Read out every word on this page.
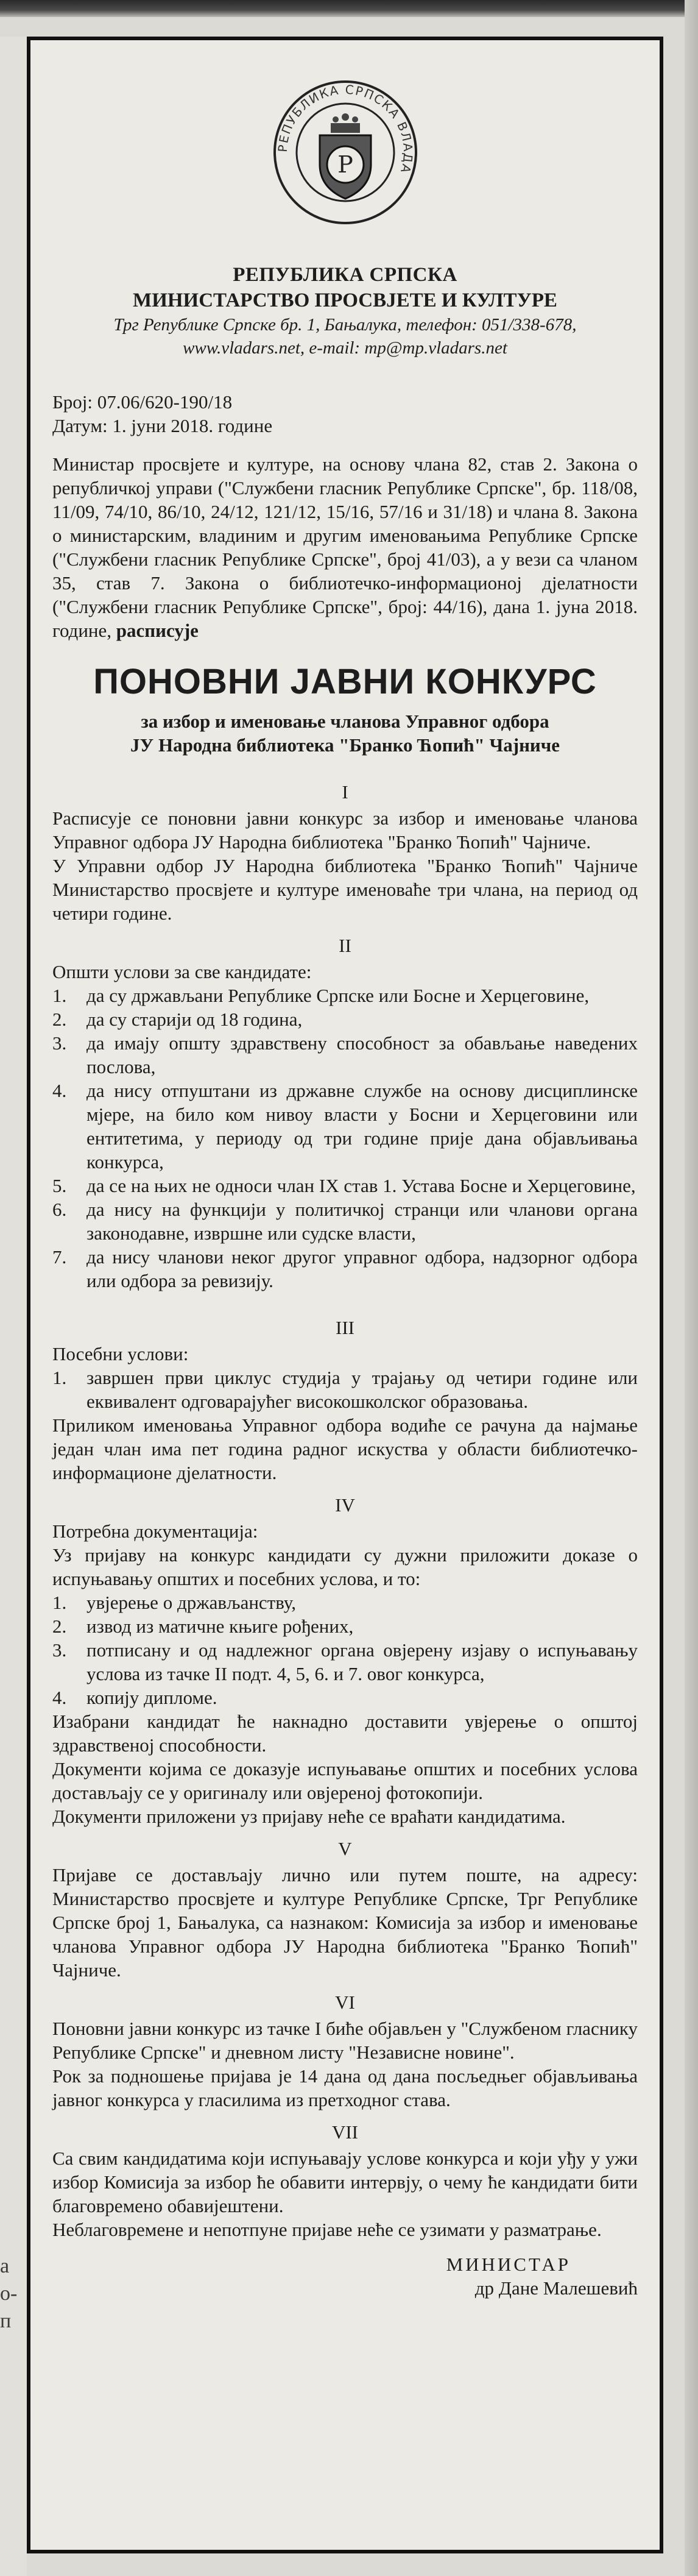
а
о-
п
РЕПУБЛИКА СРПСКА ВЛАДА
Р
РЕПУБЛИКА СРПСКА
МИНИСТАРСТВО ПРОСВЈЕТЕ И КУЛТУРЕ
Трг Републике Српске бр. 1, Бањалука, телефон: 051/338-678,
www.vladars.net, e-mail: mp@mp.vladars.net

Број: 07.06/620-190/18

Датум: 1. јуни 2018. године

Министар просвјете и културе, на основу члана 82, став 2. Закона о републичкој управи ("Службени гласник Републике Српске", бр. 118/08, 11/09, 74/10, 86/10, 24/12, 121/12, 15/16, 57/16 и 31/18) и члана 8. Закона о министарским, владиним и другим именовањима Републике Српске ("Службени гласник Републике Српске", број 41/03), а у вези са чланом 35, став 7. Закона о библиотечко-информационој дјелатности ("Службени гласник Републике Српске", број: 44/16), дана 1. јуна 2018. године, расписује

ПОНОВНИ ЈАВНИ КОНКУРС

за избор и именовање чланова Управног одбора

ЈУ Народна библиотека "Бранко Ћопић" Чајниче

I

Расписује се поновни јавни конкурс за избор и именовање чланова Управног одбора ЈУ Народна библиотека "Бранко Ћопић" Чајниче.

У Управни одбор ЈУ Народна библиотека "Бранко Ћопић" Чајниче Министарство просвјете и културе именоваће три члана, на период од четири године.

II

Општи услови за све кандидате:

1.	да су држављани Републике Српске или Босне и Херцеговине,
2.	да су старији од 18 година,
3.	да имају општу здравствену способност за обављање наведених послова,
4.	да нису отпуштани из државне службе на основу дисциплинске мјере, на било ком нивоу власти у Босни и Херцеговини или ентитетима, у периоду од три године прије дана објављивања конкурса,
5.	да се на њих не односи члан IX став 1. Устава Босне и Херцеговине,
6.	да нису на функцији у политичкој странци или чланови органа законодавне, извршне или судске власти,
7.	да нису чланови неког другог управног одбора, надзорног одбора или одбора за ревизију.
III

Посебни услови:

1.	завршен први циклус студија у трајању од четири године или еквивалент одговарајућег високошколског образовања.

Приликом именовања Управног одбора водиће се рачуна да најмање један члан има пет година радног искуства у области библиотечко-информационе дјелатности.

IV

Потребна документација:

Уз пријаву на конкурс кандидати су дужни приложити доказе о испуњавању општих и посебних услова, и то:

1.	увјерење о држављанству,
2.	извод из матичне књиге рођених,
3.	потписану и од надлежног органа овјерену изјаву о испуњавању услова из тачке II подт. 4, 5, 6. и 7. овог конкурса,
4.	копију дипломе.

Изабрани кандидат ће накнадно доставити увјерење о општој здравственој способности.

Документи којима се доказује испуњавање општих и посебних услова достављају се у оригиналу или овјереној фотокопији.

Документи приложени уз пријаву неће се враћати кандидатима.

V

Пријаве се достављају лично или путем поште, на адресу: Министарство просвјете и културе Републике Српске, Трг Републике Српске број 1, Бањалука, са назнаком: Комисија за избор и именовање чланова Управног одбора ЈУ Народна библиотека "Бранко Ћопић" Чајниче.

VI

Поновни јавни конкурс из тачке I биће објављен у "Службеном гласнику Републике Српске" и дневном листу "Независне новине".

Рок за подношење пријава је 14 дана од дана посљедњег објављивања јавног конкурса у гласилима из претходног става.

VII

Са свим кандидатима који испуњавају услове конкурса и који уђу у ужи избор Комисија за избор ће обавити интервју, о чему ће кандидати бити благовремено обавијештени.

Неблаговремене и непотпуне пријаве неће се узимати у разматрање.

МИНИСТАР
др Дане Малешевић
